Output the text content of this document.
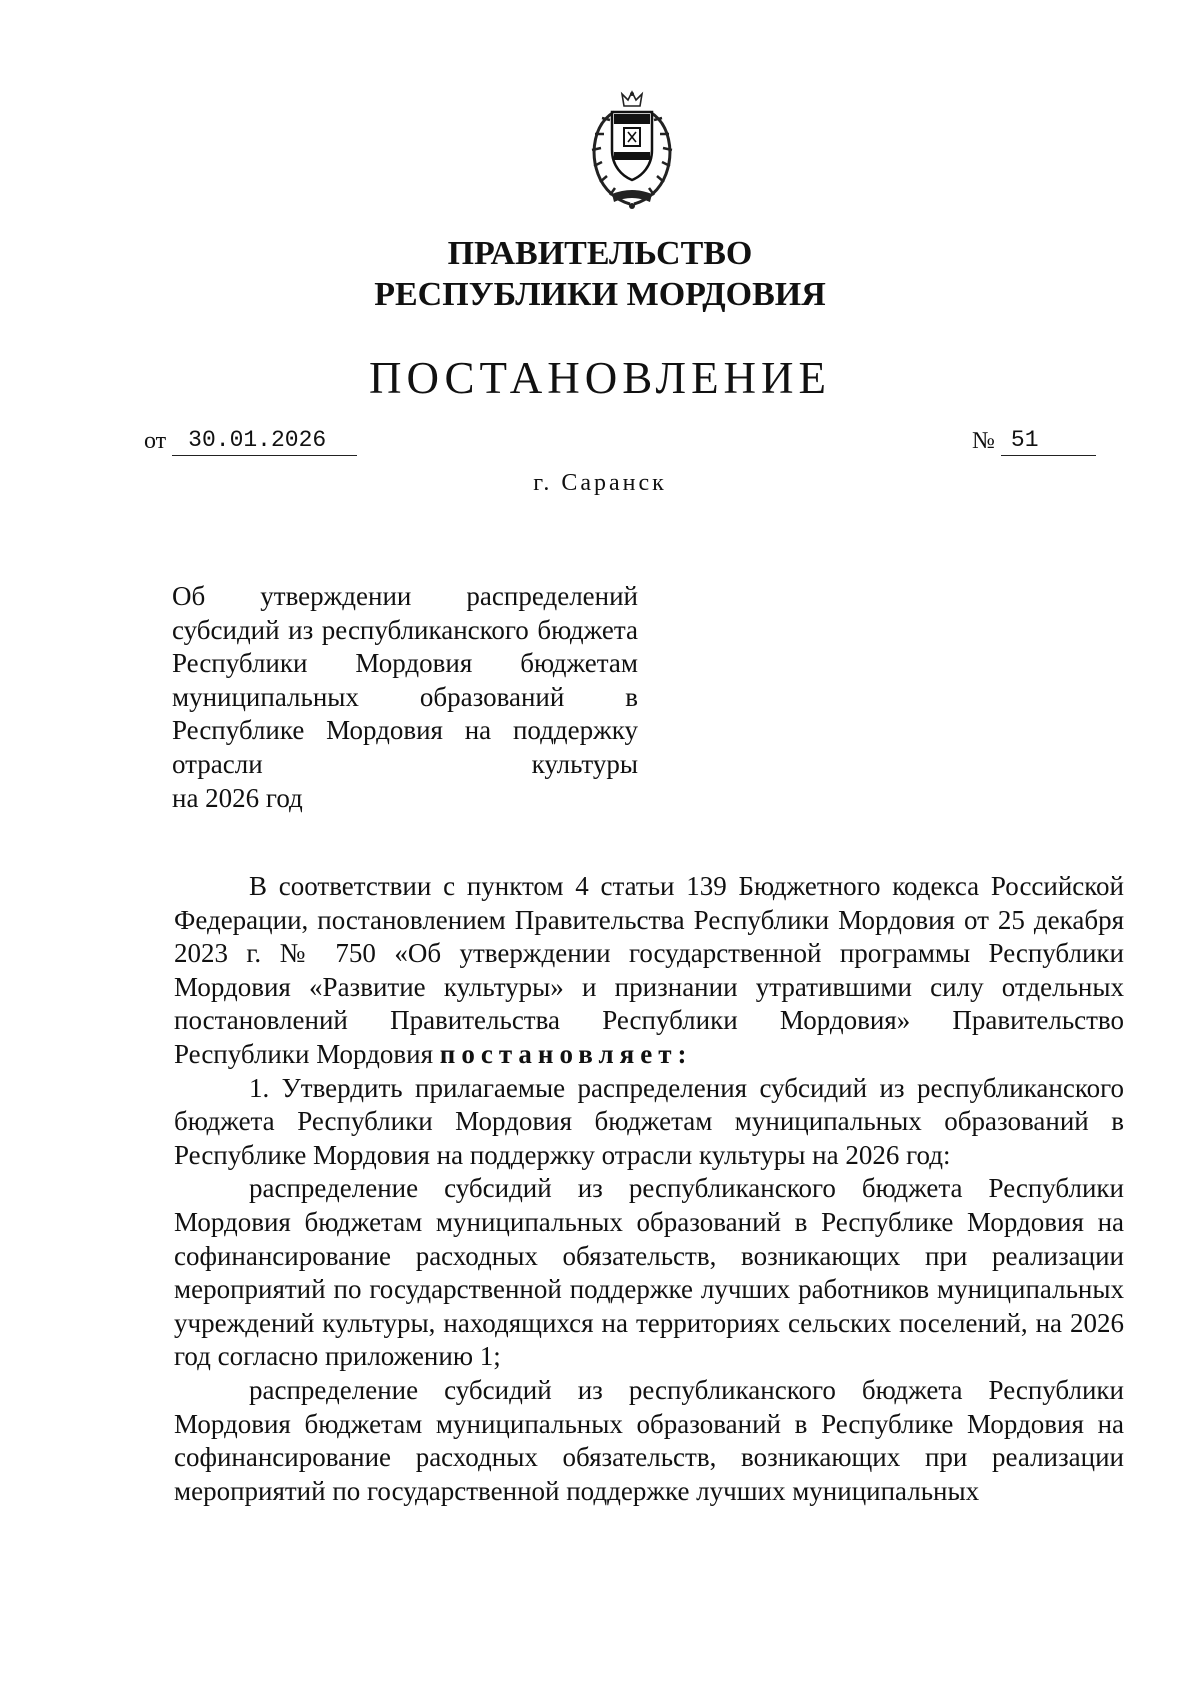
ПРАВИТЕЛЬСТВО
РЕСПУБЛИКИ МОРДОВИЯ
ПОСТАНОВЛЕНИЕ
от 30.01.2026	№ 51
г. Саранск
Об утверждении распределений субсидий из республиканского бюджета Республики Мордовия бюджетам муниципальных образований в Республике Мордовия на поддержку отрасли культуры
на 2026 год

В соответствии с пунктом 4 статьи 139 Бюджетного кодекса Российской Федерации, постановлением Правительства Республики Мордовия от 25 декабря 2023 г. № 750 «Об утверждении государственной программы Республики Мордовия «Развитие культуры» и признании утратившими силу отдельных постановлений Правительства Республики Мордовия» Правительство Республики Мордовия постановляет:

1. Утвердить прилагаемые распределения субсидий из республиканского бюджета Республики Мордовия бюджетам муниципальных образований в Республике Мордовия на поддержку отрасли культуры на 2026 год:

распределение субсидий из республиканского бюджета Республики Мордовия бюджетам муниципальных образований в Республике Мордовия на софинансирование расходных обязательств, возникающих при реализации мероприятий по государственной поддержке лучших работников муниципальных учреждений культуры, находящихся на территориях сельских поселений, на 2026 год согласно приложению 1;

распределение субсидий из республиканского бюджета Республики Мордовия бюджетам муниципальных образований в Республике Мордовия на софинансирование расходных обязательств, возникающих при реализации мероприятий по государственной поддержке лучших муниципальных
